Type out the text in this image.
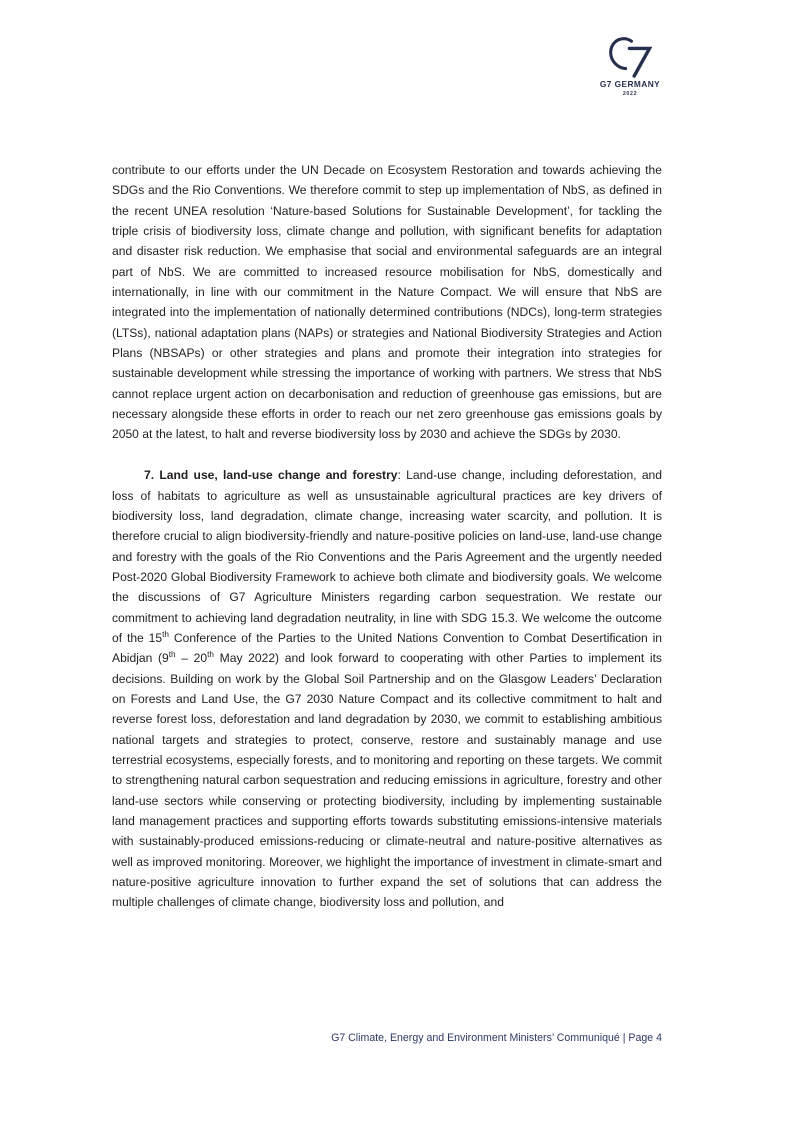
G7 GERMANY
2022

contribute to our efforts under the UN Decade on Ecosystem Restoration and towards achieving the SDGs and the Rio Conventions. We therefore commit to step up implementation of NbS, as defined in the recent UNEA resolution ‘Nature-based Solutions for Sustainable Development’, for tackling the triple crisis of biodiversity loss, climate change and pollution, with significant benefits for adaptation and disaster risk reduction. We emphasise that social and environmental safeguards are an integral part of NbS. We are committed to increased resource mobilisation for NbS, domestically and internationally, in line with our commitment in the Nature Compact. We will ensure that NbS are integrated into the implementation of nationally determined contributions (NDCs), long-term strategies (LTSs), national adaptation plans (NAPs) or strategies and National Biodiversity Strategies and Action Plans (NBSAPs) or other strategies and plans and promote their integration into strategies for sustainable development while stressing the importance of working with partners. We stress that NbS cannot replace urgent action on decarbonisation and reduction of greenhouse gas emissions, but are necessary alongside these efforts in order to reach our net zero greenhouse gas emissions goals by 2050 at the latest, to halt and reverse biodiversity loss by 2030 and achieve the SDGs by 2030.

7. Land use, land-use change and forestry: Land-use change, including deforestation, and loss of habitats to agriculture as well as unsustainable agricultural practices are key drivers of biodiversity loss, land degradation, climate change, increasing water scarcity, and pollution. It is therefore crucial to align biodiversity-friendly and nature-positive policies on land-use, land-use change and forestry with the goals of the Rio Conventions and the Paris Agreement and the urgently needed Post-2020 Global Biodiversity Framework to achieve both climate and biodiversity goals. We welcome the discussions of G7 Agriculture Ministers regarding carbon sequestration. We restate our commitment to achieving land degradation neutrality, in line with SDG 15.3. We welcome the outcome of the 15th Conference of the Parties to the United Nations Convention to Combat Desertification in Abidjan (9th – 20th May 2022) and look forward to cooperating with other Parties to implement its decisions. Building on work by the Global Soil Partnership and on the Glasgow Leaders’ Declaration on Forests and Land Use, the G7 2030 Nature Compact and its collective commitment to halt and reverse forest loss, deforestation and land degradation by 2030, we commit to establishing ambitious national targets and strategies to protect, conserve, restore and sustainably manage and use terrestrial ecosystems, especially forests, and to monitoring and reporting on these targets. We commit to strengthening natural carbon sequestration and reducing emissions in agriculture, forestry and other land-use sectors while conserving or protecting biodiversity, including by implementing sustainable land management practices and supporting efforts towards substituting emissions-intensive materials with sustainably-produced emissions-reducing or climate-neutral and nature-positive alternatives as well as improved monitoring. Moreover, we highlight the importance of investment in climate-smart and nature-positive agriculture innovation to further expand the set of solutions that can address the multiple challenges of climate change, biodiversity loss and pollution, and

G7 Climate, Energy and Environment Ministers’ Communiqué | Page 4
